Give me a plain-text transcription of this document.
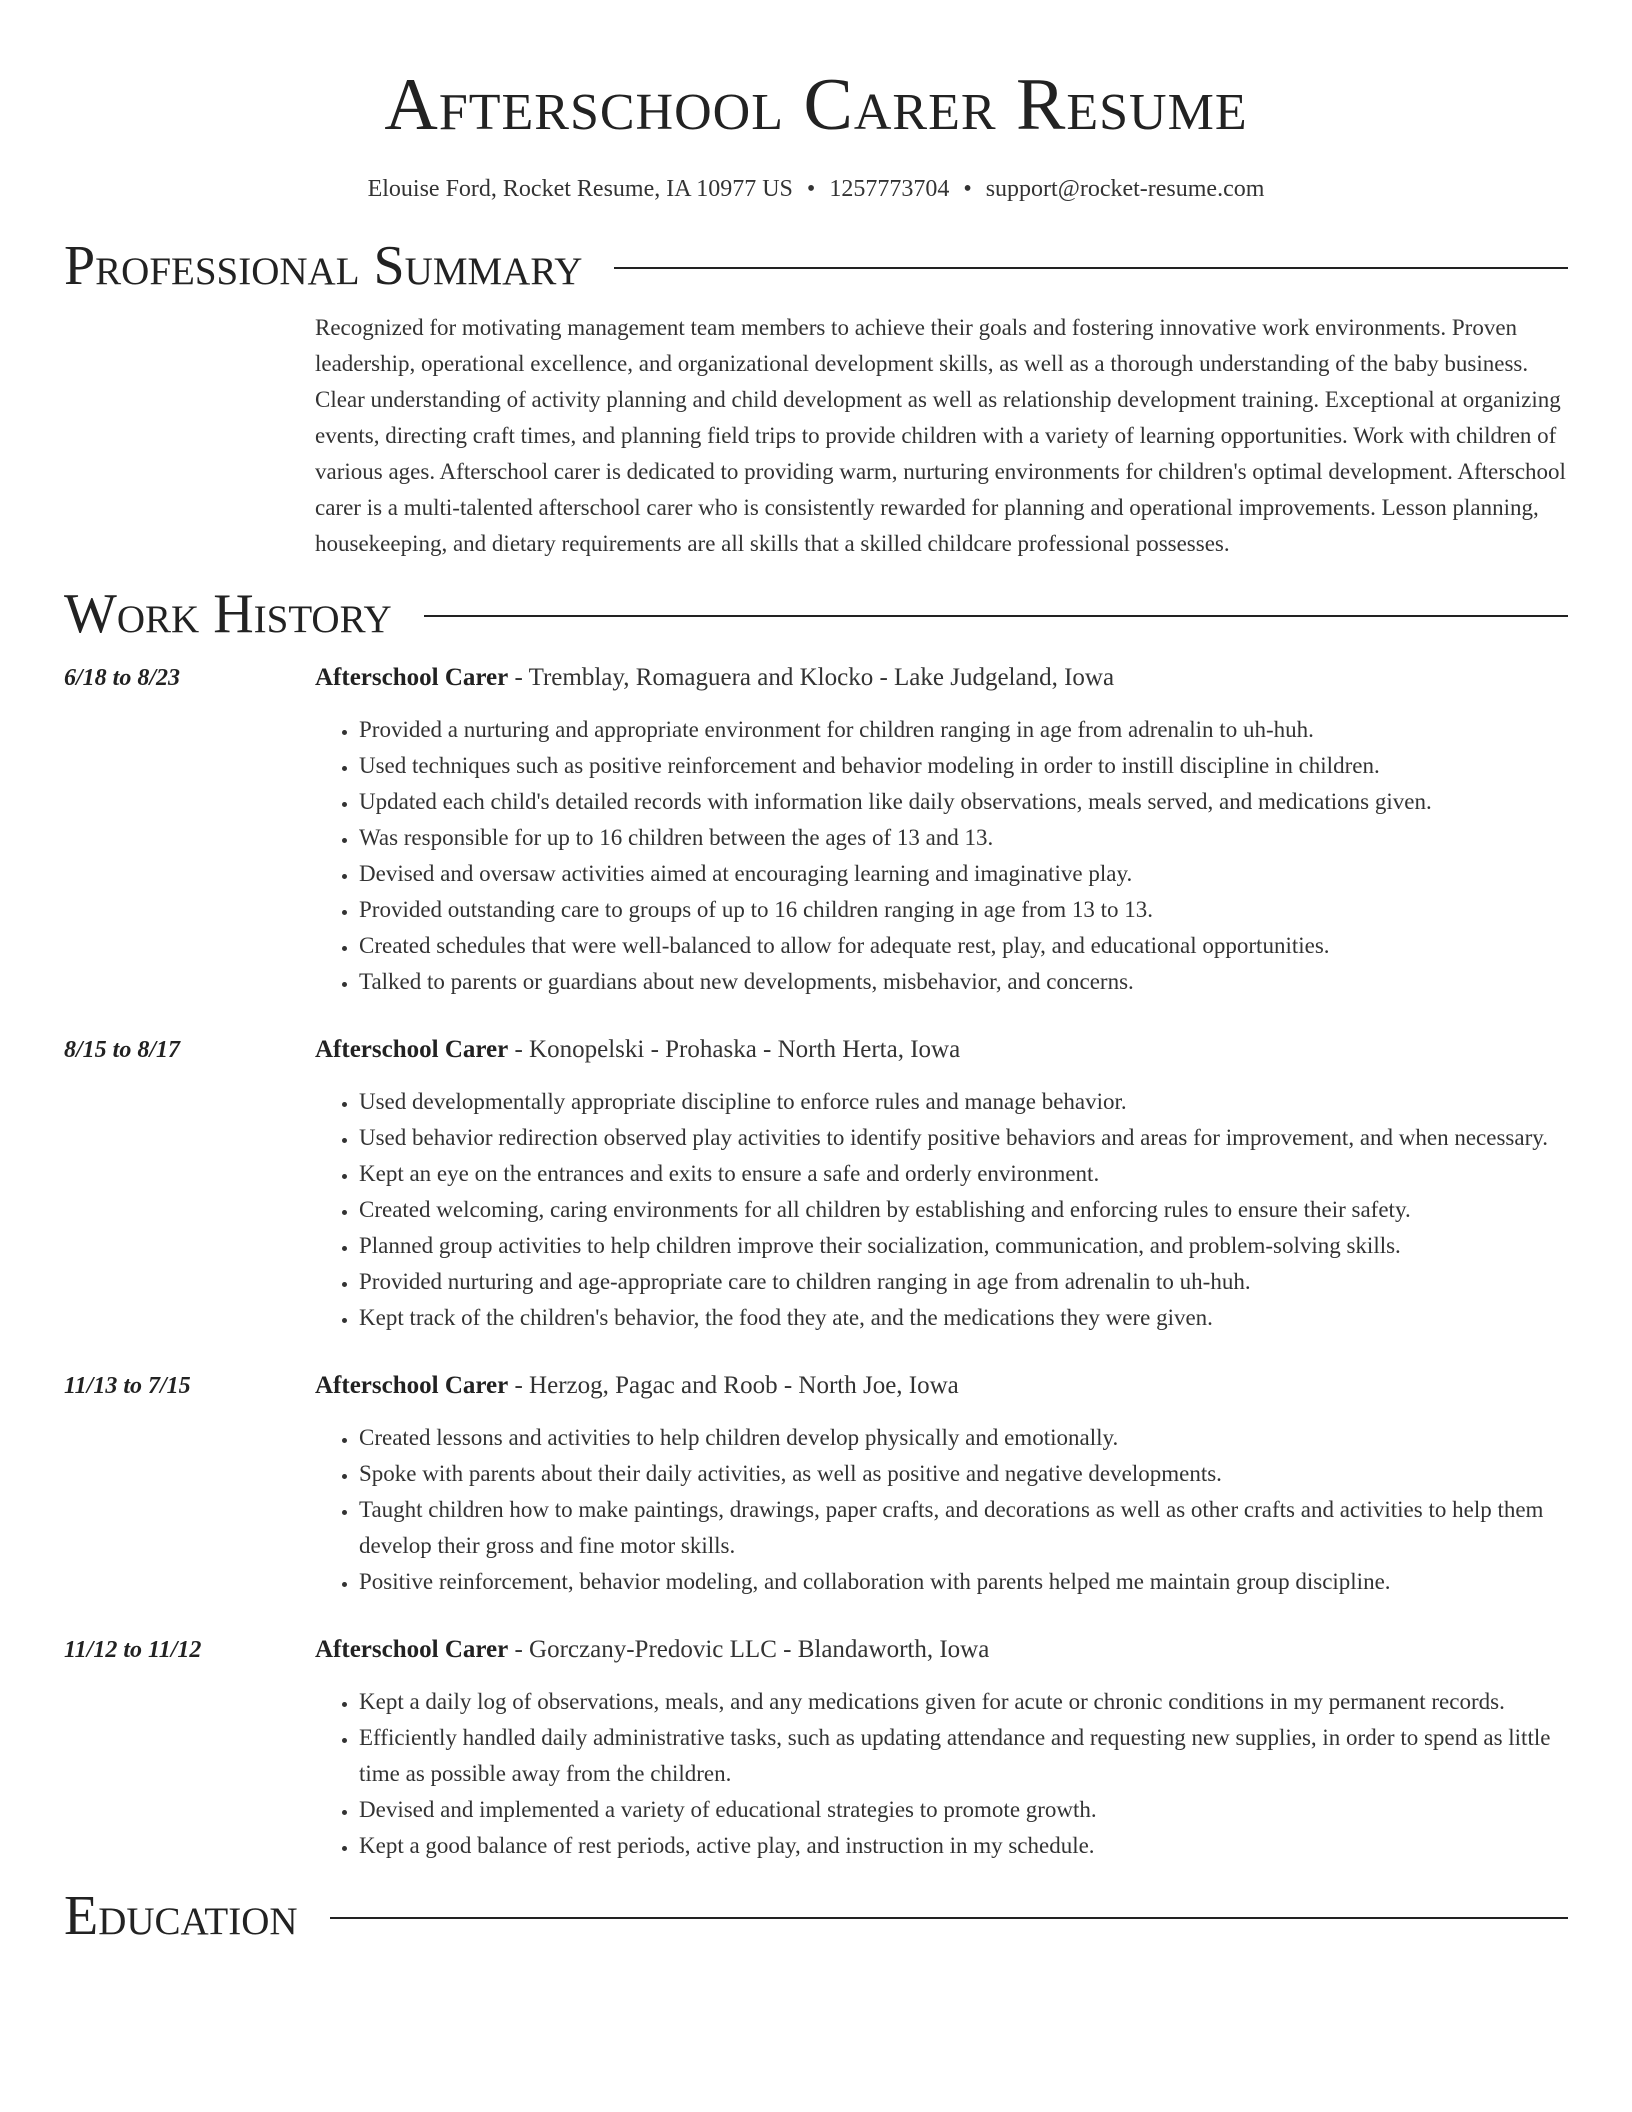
Afterschool Carer Resume
Elouise Ford, Rocket Resume, IA 10977 US • 1257773704 • support@rocket-resume.com
Professional Summary

Recognized for motivating management team members to achieve their goals and fostering innovative work environments. Proven leadership, operational excellence, and organizational development skills, as well as a thorough understanding of the baby business. Clear understanding of activity planning and child development as well as relationship development training. Exceptional at organizing events, directing craft times, and planning field trips to provide children with a variety of learning opportunities. Work with children of various ages. Afterschool carer is dedicated to providing warm, nurturing environments for children's optimal development. Afterschool carer is a multi-talented afterschool carer who is consistently rewarded for planning and operational improvements. Lesson planning, housekeeping, and dietary requirements are all skills that a skilled childcare professional possesses.

Work History
6/18 to 8/23	Afterschool Carer - Tremblay, Romaguera and Klocko - Lake Judgeland, Iowa
• Provided a nurturing and appropriate environment for children ranging in age from adrenalin to uh-huh.
• Used techniques such as positive reinforcement and behavior modeling in order to instill discipline in children.
• Updated each child's detailed records with information like daily observations, meals served, and medications given.
• Was responsible for up to 16 children between the ages of 13 and 13.
• Devised and oversaw activities aimed at encouraging learning and imaginative play.
• Provided outstanding care to groups of up to 16 children ranging in age from 13 to 13.
• Created schedules that were well-balanced to allow for adequate rest, play, and educational opportunities.
• Talked to parents or guardians about new developments, misbehavior, and concerns.
8/15 to 8/17	Afterschool Carer - Konopelski - Prohaska - North Herta, Iowa
• Used developmentally appropriate discipline to enforce rules and manage behavior.
• Used behavior redirection observed play activities to identify positive behaviors and areas for improvement, and when necessary.
• Kept an eye on the entrances and exits to ensure a safe and orderly environment.
• Created welcoming, caring environments for all children by establishing and enforcing rules to ensure their safety.
• Planned group activities to help children improve their socialization, communication, and problem-solving skills.
• Provided nurturing and age-appropriate care to children ranging in age from adrenalin to uh-huh.
• Kept track of the children's behavior, the food they ate, and the medications they were given.
11/13 to 7/15	Afterschool Carer - Herzog, Pagac and Roob - North Joe, Iowa
• Created lessons and activities to help children develop physically and emotionally.
• Spoke with parents about their daily activities, as well as positive and negative developments.
• Taught children how to make paintings, drawings, paper crafts, and decorations as well as other crafts and activities to help them develop their gross and fine motor skills.
• Positive reinforcement, behavior modeling, and collaboration with parents helped me maintain group discipline.
11/12 to 11/12	Afterschool Carer - Gorczany-Predovic LLC - Blandaworth, Iowa
• Kept a daily log of observations, meals, and any medications given for acute or chronic conditions in my permanent records.
• Efficiently handled daily administrative tasks, such as updating attendance and requesting new supplies, in order to spend as little time as possible away from the children.
• Devised and implemented a variety of educational strategies to promote growth.
• Kept a good balance of rest periods, active play, and instruction in my schedule.
Education
